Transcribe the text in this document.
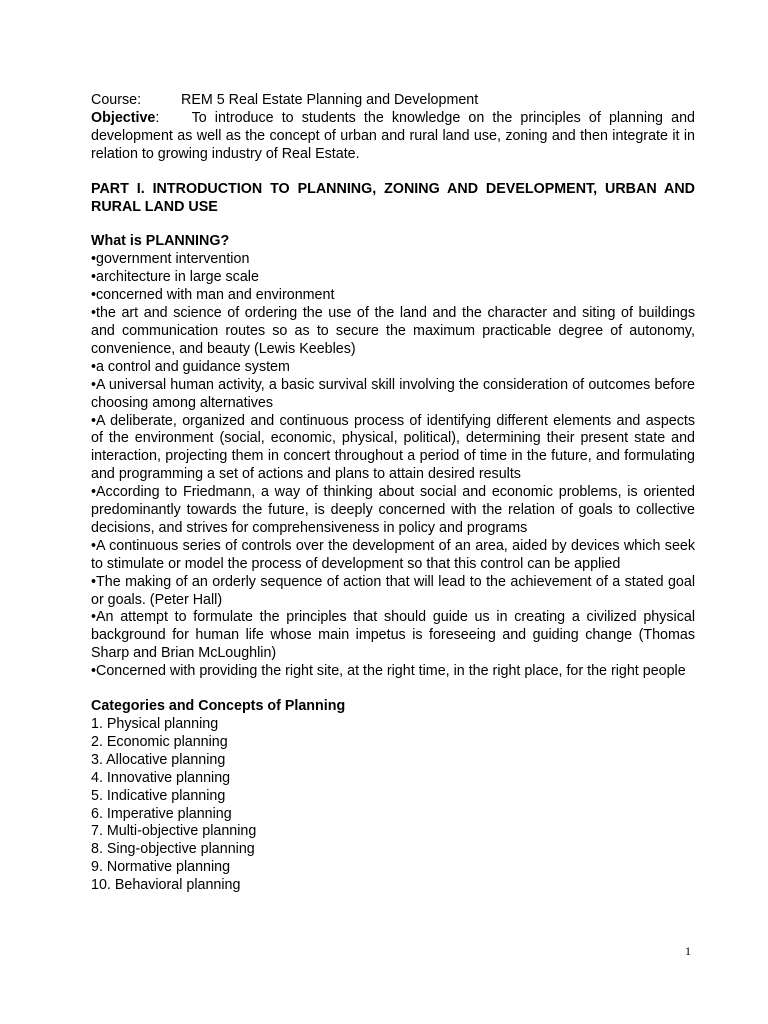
Course:	REM 5 Real Estate Planning and Development
Objective:    To introduce to students the knowledge on the principles of planning and development as well as the concept of urban and rural land use, zoning and then integrate it in relation to growing industry of Real Estate.
PART I. INTRODUCTION TO PLANNING, ZONING AND DEVELOPMENT, URBAN AND RURAL LAND USE
What is PLANNING?
•government intervention
•architecture in large scale
•concerned with man and environment
•the art and science of ordering the use of the land and the character and siting of buildings and communication routes so as to secure the maximum practicable degree of autonomy, convenience, and beauty (Lewis Keebles)
•a control and guidance system
•A universal human activity, a basic survival skill involving the consideration of outcomes before choosing among alternatives
•A deliberate, organized and continuous process of identifying different elements and aspects of the environment (social, economic, physical, political), determining their present state and interaction, projecting them in concert throughout a period of time in the future, and formulating and programming a set of actions and plans to attain desired results
•According to Friedmann, a way of thinking about social and economic problems, is oriented predominantly towards the future, is deeply concerned with the relation of goals to collective decisions, and strives for comprehensiveness in policy and programs
•A continuous series of controls over the development of an area, aided by devices which seek to stimulate or model the process of development so that this control can be applied
•The making of an orderly sequence of action that will lead to the achievement of a stated goal or goals. (Peter Hall)
•An attempt to formulate the principles that should guide us in creating a civilized physical background for human life whose main impetus is foreseeing and guiding change (Thomas Sharp and Brian McLoughlin)
•Concerned with providing the right site, at the right time, in the right place, for the right people
Categories and Concepts of Planning
1. Physical planning
2. Economic planning
3. Allocative planning
4. Innovative planning
5. Indicative planning
6. Imperative planning
7. Multi-objective planning
8. Sing-objective planning
9. Normative planning
10. Behavioral planning
1
